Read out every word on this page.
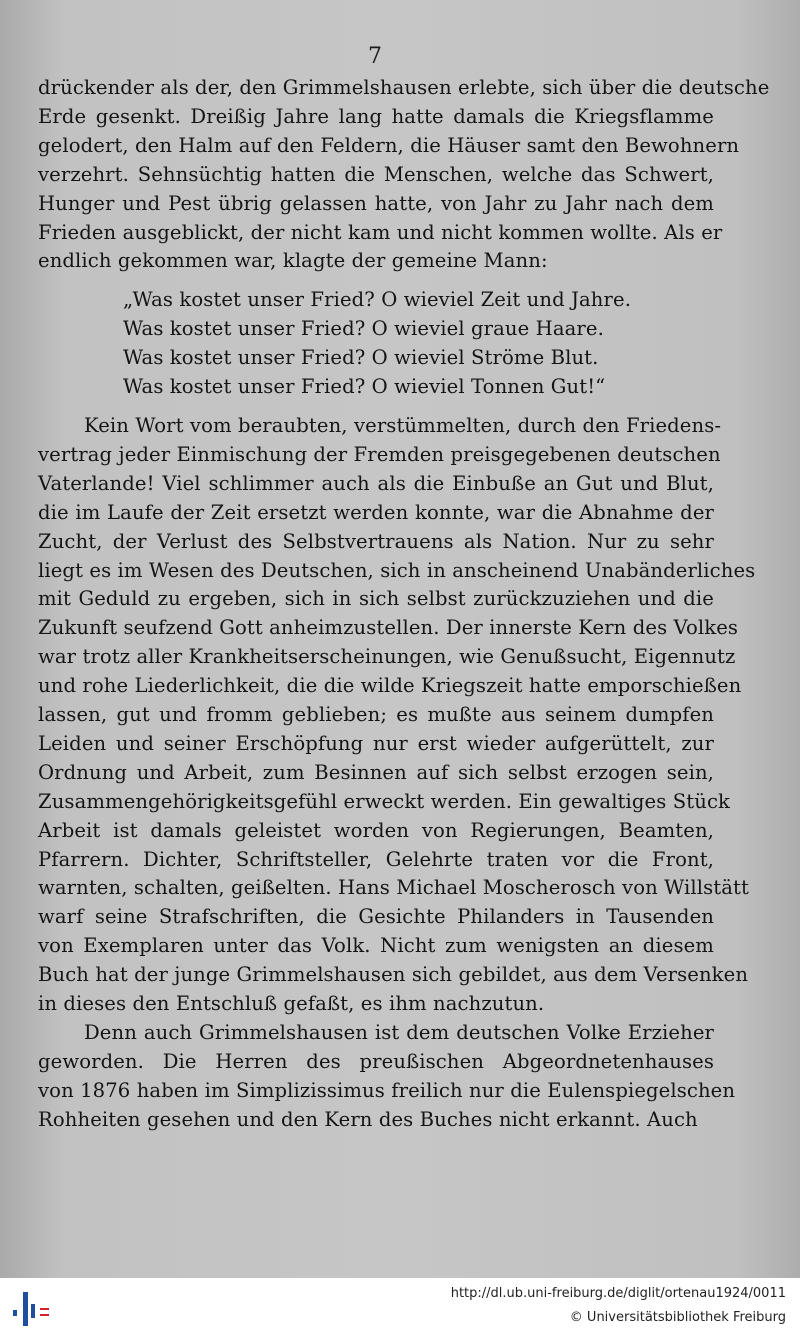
7
drückender als der, den Grimmelshausen erlebte, sich über die deutsche
Erde gesenkt. Dreißig Jahre lang hatte damals die Kriegsflamme
gelodert, den Halm auf den Feldern, die Häuser samt den Bewohnern
verzehrt. Sehnsüchtig hatten die Menschen, welche das Schwert,
Hunger und Pest übrig gelassen hatte, von Jahr zu Jahr nach dem
Frieden ausgeblickt, der nicht kam und nicht kommen wollte. Als er
endlich gekommen war, klagte der gemeine Mann:
„Was kostet unser Fried? O wieviel Zeit und Jahre.
Was kostet unser Fried? O wieviel graue Haare.
Was kostet unser Fried? O wieviel Ströme Blut.
Was kostet unser Fried? O wieviel Tonnen Gut!“
Kein Wort vom beraubten, verstümmelten, durch den Friedens-
vertrag jeder Einmischung der Fremden preisgegebenen deutschen
Vaterlande! Viel schlimmer auch als die Einbuße an Gut und Blut,
die im Laufe der Zeit ersetzt werden konnte, war die Abnahme der
Zucht, der Verlust des Selbstvertrauens als Nation. Nur zu sehr
liegt es im Wesen des Deutschen, sich in anscheinend Unabänderliches
mit Geduld zu ergeben, sich in sich selbst zurückzuziehen und die
Zukunft seufzend Gott anheimzustellen. Der innerste Kern des Volkes
war trotz aller Krankheitserscheinungen, wie Genußsucht, Eigennutz
und rohe Liederlichkeit, die die wilde Kriegszeit hatte emporschießen
lassen, gut und fromm geblieben; es mußte aus seinem dumpfen
Leiden und seiner Erschöpfung nur erst wieder aufgerüttelt, zur
Ordnung und Arbeit, zum Besinnen auf sich selbst erzogen sein,
Zusammengehörigkeitsgefühl erweckt werden. Ein gewaltiges Stück
Arbeit ist damals geleistet worden von Regierungen, Beamten,
Pfarrern. Dichter, Schriftsteller, Gelehrte traten vor die Front,
warnten, schalten, geißelten. Hans Michael Moscherosch von Willstätt
warf seine Strafschriften, die Gesichte Philanders in Tausenden
von Exemplaren unter das Volk. Nicht zum wenigsten an diesem
Buch hat der junge Grimmelshausen sich gebildet, aus dem Versenken
in dieses den Entschluß gefaßt, es ihm nachzutun.
Denn auch Grimmelshausen ist dem deutschen Volke Erzieher
geworden. Die Herren des preußischen Abgeordnetenhauses
von 1876 haben im Simplizissimus freilich nur die Eulenspiegelschen
Rohheiten gesehen und den Kern des Buches nicht erkannt. Auch
http://dl.ub.uni-freiburg.de/diglit/ortenau1924/0011
© Universitätsbibliothek Freiburg
